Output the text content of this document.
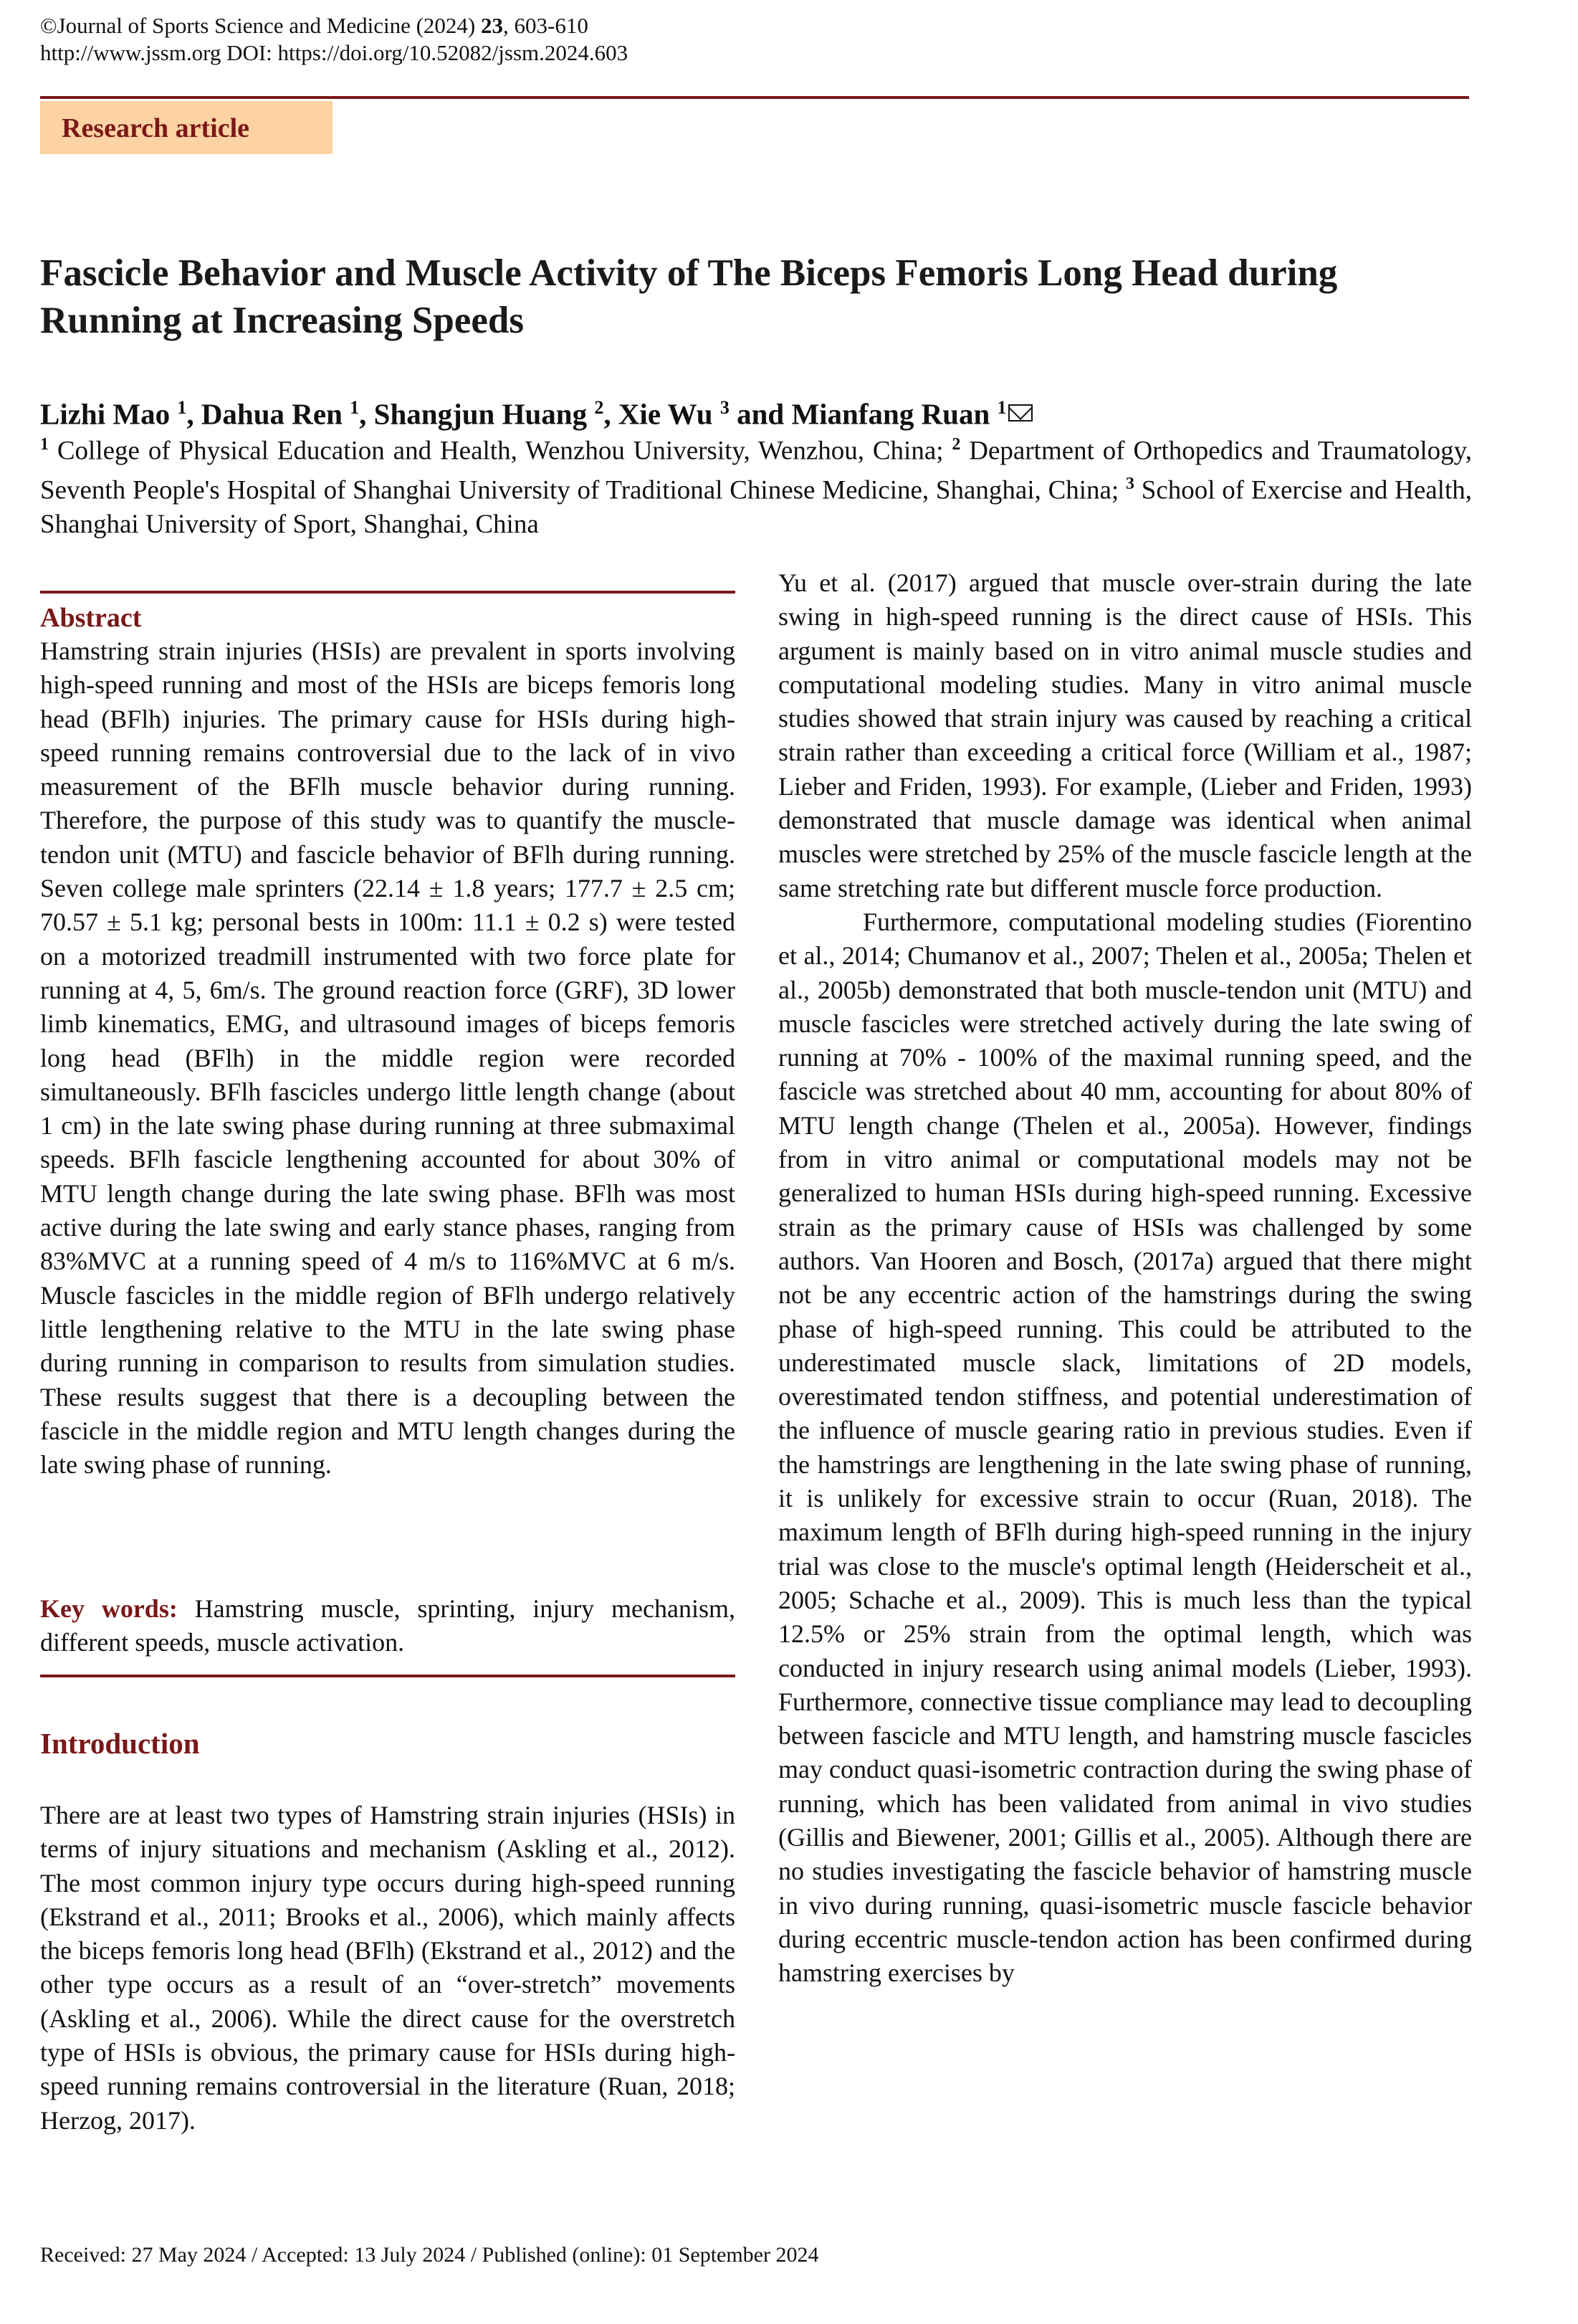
©Journal of Sports Science and Medicine (2024) 23, 603-610
http://www.jssm.org DOI: https://doi.org/10.52082/jssm.2024.603
Research article
Fascicle Behavior and Muscle Activity of The Biceps Femoris Long Head during Running at Increasing Speeds
Lizhi Mao $^1$, Dahua Ren $^1$, Shangjun Huang $^2$, Xie Wu $^3$ and Mianfang Ruan $^1$
$^1$ College of Physical Education and Health, Wenzhou University, Wenzhou, China; $^2$ Department of Orthopedics and Traumatology, Seventh People's Hospital of Shanghai University of Traditional Chinese Medicine, Shanghai, China; $^3$ School of Exercise and Health, Shanghai University of Sport, Shanghai, China
Abstract

Hamstring strain injuries (HSIs) are prevalent in sports involving high-speed running and most of the HSIs are biceps femoris long head (BFlh) injuries. The primary cause for HSIs during high-speed running remains controversial due to the lack of in vivo measurement of the BFlh muscle behavior during running. Therefore, the purpose of this study was to quantify the muscle-tendon unit (MTU) and fascicle behavior of BFlh during running. Seven college male sprinters (22.14 ± 1.8 years; 177.7 ± 2.5 cm; 70.57 ± 5.1 kg; personal bests in 100m: 11.1 ± 0.2 s) were tested on a motorized treadmill instrumented with two force plate for running at 4, 5, 6m/s. The ground reaction force (GRF), 3D lower limb kinematics, EMG, and ultrasound images of biceps femoris long head (BFlh) in the middle region were recorded simultaneously. BFlh fascicles undergo little length change (about 1 cm) in the late swing phase during running at three submaximal speeds. BFlh fascicle lengthening accounted for about 30% of MTU length change during the late swing phase. BFlh was most active during the late swing and early stance phases, ranging from 83%MVC at a running speed of 4 m/s to 116%MVC at 6 m/s. Muscle fascicles in the middle region of BFlh undergo relatively little lengthening relative to the MTU in the late swing phase during running in comparison to results from simulation studies. These results suggest that there is a decoupling between the fascicle in the middle region and MTU length changes during the late swing phase of running.

Key words: Hamstring muscle, sprinting, injury mechanism, different speeds, muscle activation.
Introduction

There are at least two types of Hamstring strain injuries (HSIs) in terms of injury situations and mechanism (Askling et al., 2012). The most common injury type occurs during high-speed running (Ekstrand et al., 2011; Brooks et al., 2006), which mainly affects the biceps femoris long head (BFlh) (Ekstrand et al., 2012) and the other type occurs as a result of an “over-stretch” movements (Askling et al., 2006). While the direct cause for the overstretch type of HSIs is obvious, the primary cause for HSIs during high-speed running remains controversial in the literature (Ruan, 2018; Herzog, 2017).

Yu et al. (2017) argued that muscle over-strain during the late swing in high-speed running is the direct cause of HSIs. This argument is mainly based on in vitro animal muscle studies and computational modeling studies. Many in vitro animal muscle studies showed that strain injury was caused by reaching a critical strain rather than exceeding a critical force (William et al., 1987; Lieber and Friden, 1993). For example, (Lieber and Friden, 1993) demonstrated that muscle damage was identical when animal muscles were stretched by 25% of the muscle fascicle length at the same stretching rate but different muscle force production.

Furthermore, computational modeling studies (Fiorentino et al., 2014; Chumanov et al., 2007; Thelen et al., 2005a; Thelen et al., 2005b) demonstrated that both muscle-tendon unit (MTU) and muscle fascicles were stretched actively during the late swing of running at 70% - 100% of the maximal running speed, and the fascicle was stretched about 40 mm, accounting for about 80% of MTU length change (Thelen et al., 2005a). However, findings from in vitro animal or computational models may not be generalized to human HSIs during high-speed running. Excessive strain as the primary cause of HSIs was challenged by some authors. Van Hooren and Bosch, (2017a) argued that there might not be any eccentric action of the hamstrings during the swing phase of high-speed running. This could be attributed to the underestimated muscle slack, limitations of 2D models, overestimated tendon stiffness, and potential underestimation of the influence of muscle gearing ratio in previous studies. Even if the hamstrings are lengthening in the late swing phase of running, it is unlikely for excessive strain to occur (Ruan, 2018). The maximum length of BFlh during high-speed running in the injury trial was close to the muscle's optimal length (Heiderscheit et al., 2005; Schache et al., 2009). This is much less than the typical 12.5% or 25% strain from the optimal length, which was conducted in injury research using animal models (Lieber, 1993). Furthermore, connective tissue compliance may lead to decoupling between fascicle and MTU length, and hamstring muscle fascicles may conduct quasi-isometric contraction during the swing phase of running, which has been validated from animal in vivo studies (Gillis and Biewener, 2001; Gillis et al., 2005). Although there are no studies investigating the fascicle behavior of hamstring muscle in vivo during running, quasi-isometric muscle fascicle behavior during eccentric muscle-tendon action has been confirmed during hamstring exercises by

Received: 27 May 2024 / Accepted: 13 July 2024 / Published (online): 01 September 2024
